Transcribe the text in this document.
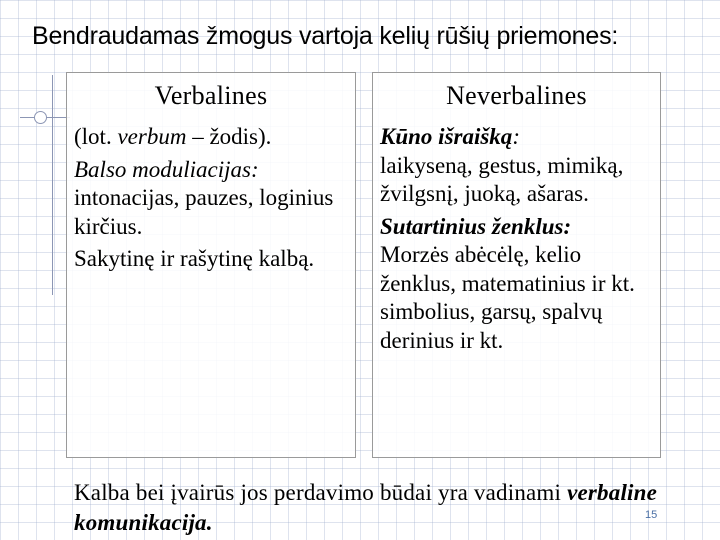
Bendraudamas žmogus vartoja kelių rūšių priemones:
Verbalines

(lot. verbum – žodis).

Balso moduliacijas:

intonacijas, pauzes, loginius kirčius.

Sakytinę ir rašytinę kalbą.

Neverbalines

Kūno išraišką:

laikyseną, gestus, mimiką, žvilgsnį, juoką, ašaras.

Sutartinius ženklus:

Morzės abėcėlę, kelio ženklus, matematinius ir kt. simbolius, garsų, spalvų derinius ir kt.

Kalba bei įvairūs jos perdavimo būdai yra vadinami verbaline komunikacija.	15
